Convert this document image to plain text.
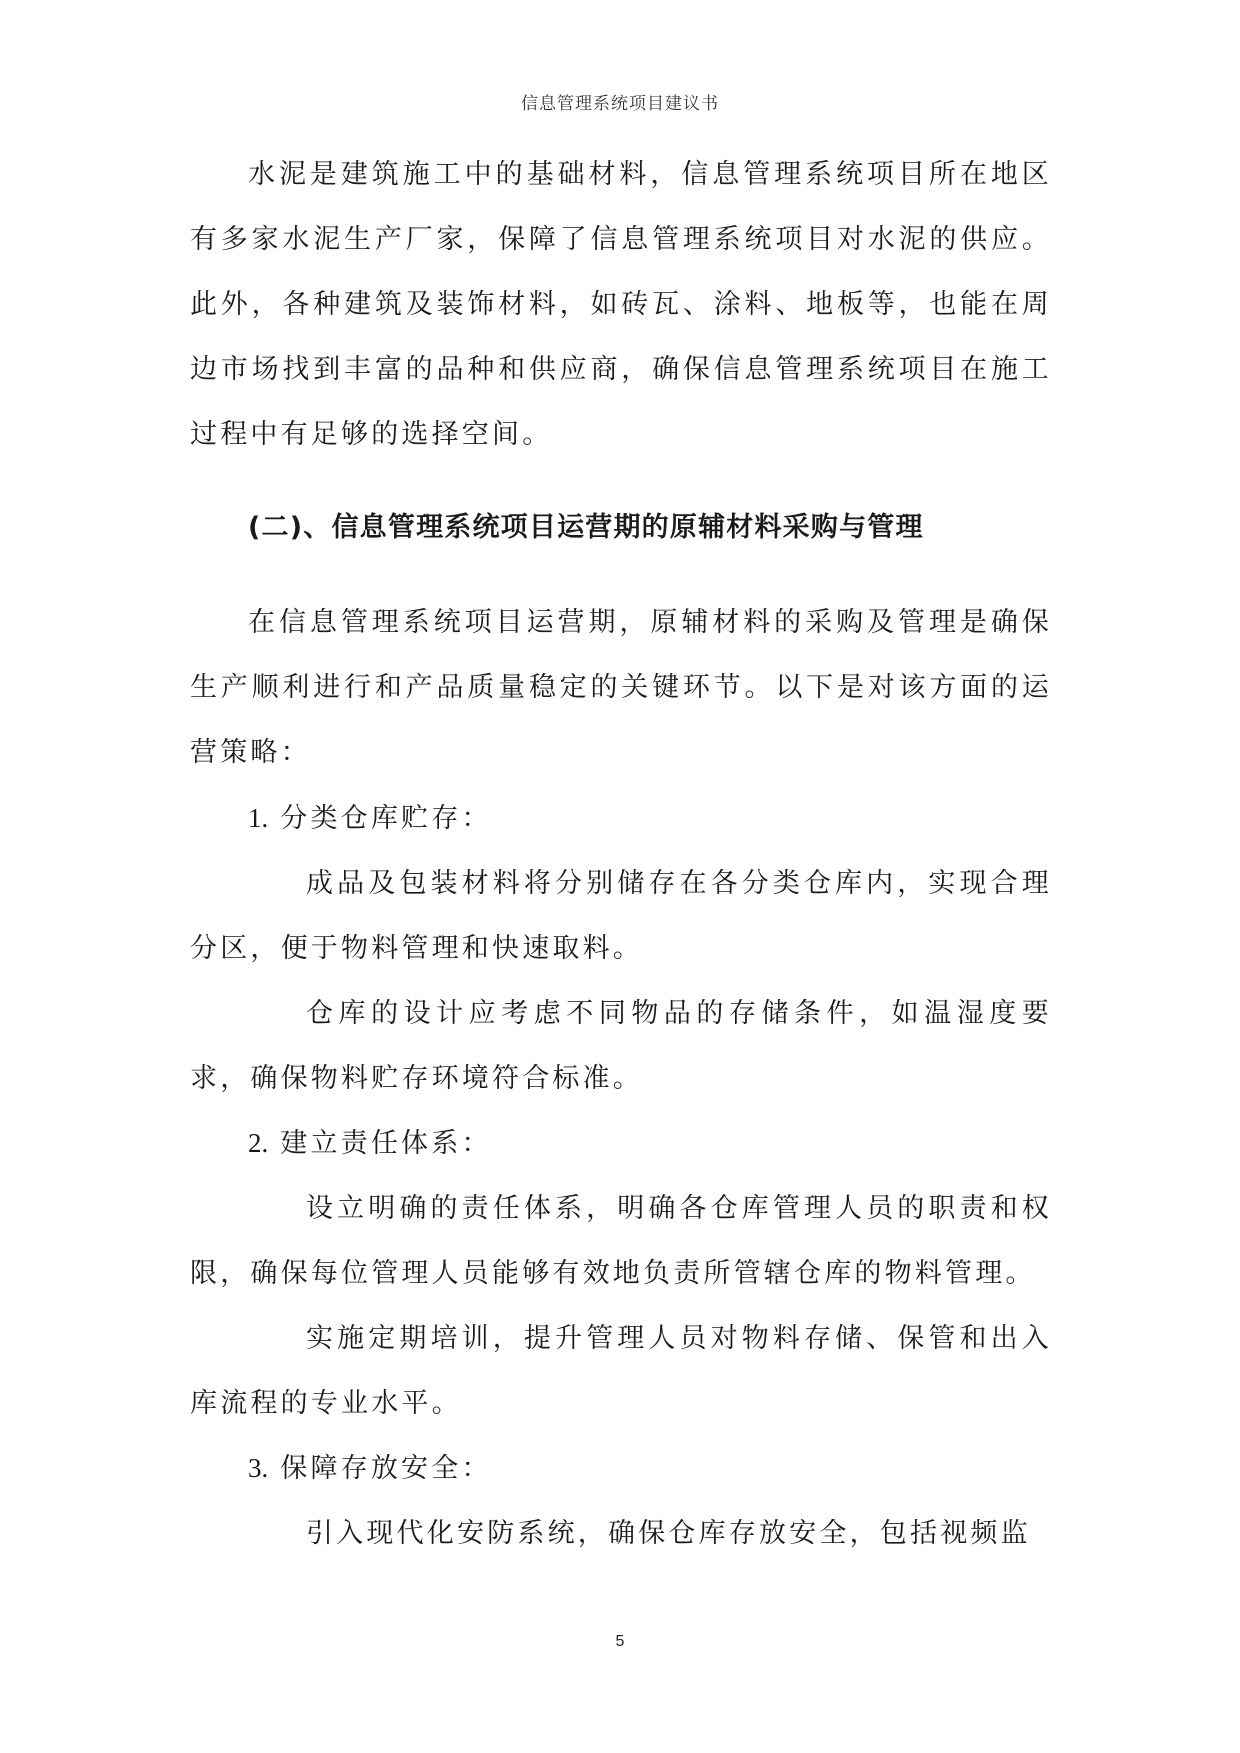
信息管理系统项目建议书

水泥是建筑施工中的基础材料，信息管理系统项目所在地区有多家水泥生产厂家，保障了信息管理系统项目对水泥的供应。此外，各种建筑及装饰材料，如砖瓦、涂料、地板等，也能在周边市场找到丰富的品种和供应商，确保信息管理系统项目在施工过程中有足够的选择空间。

(二)、信息管理系统项目运营期的原辅材料采购与管理

在信息管理系统项目运营期，原辅材料的采购及管理是确保生产顺利进行和产品质量稳定的关键环节。以下是对该方面的运营策略：

1. 分类仓库贮存：

成品及包装材料将分别储存在各分类仓库内，实现合理分区，便于物料管理和快速取料。

仓库的设计应考虑不同物品的存储条件，如温湿度要求，确保物料贮存环境符合标准。

2. 建立责任体系：

设立明确的责任体系，明确各仓库管理人员的职责和权限，确保每位管理人员能够有效地负责所管辖仓库的物料管理。

实施定期培训，提升管理人员对物料存储、保管和出入库流程的专业水平。

3. 保障存放安全：

引入现代化安防系统，确保仓库存放安全，包括视频监

5
